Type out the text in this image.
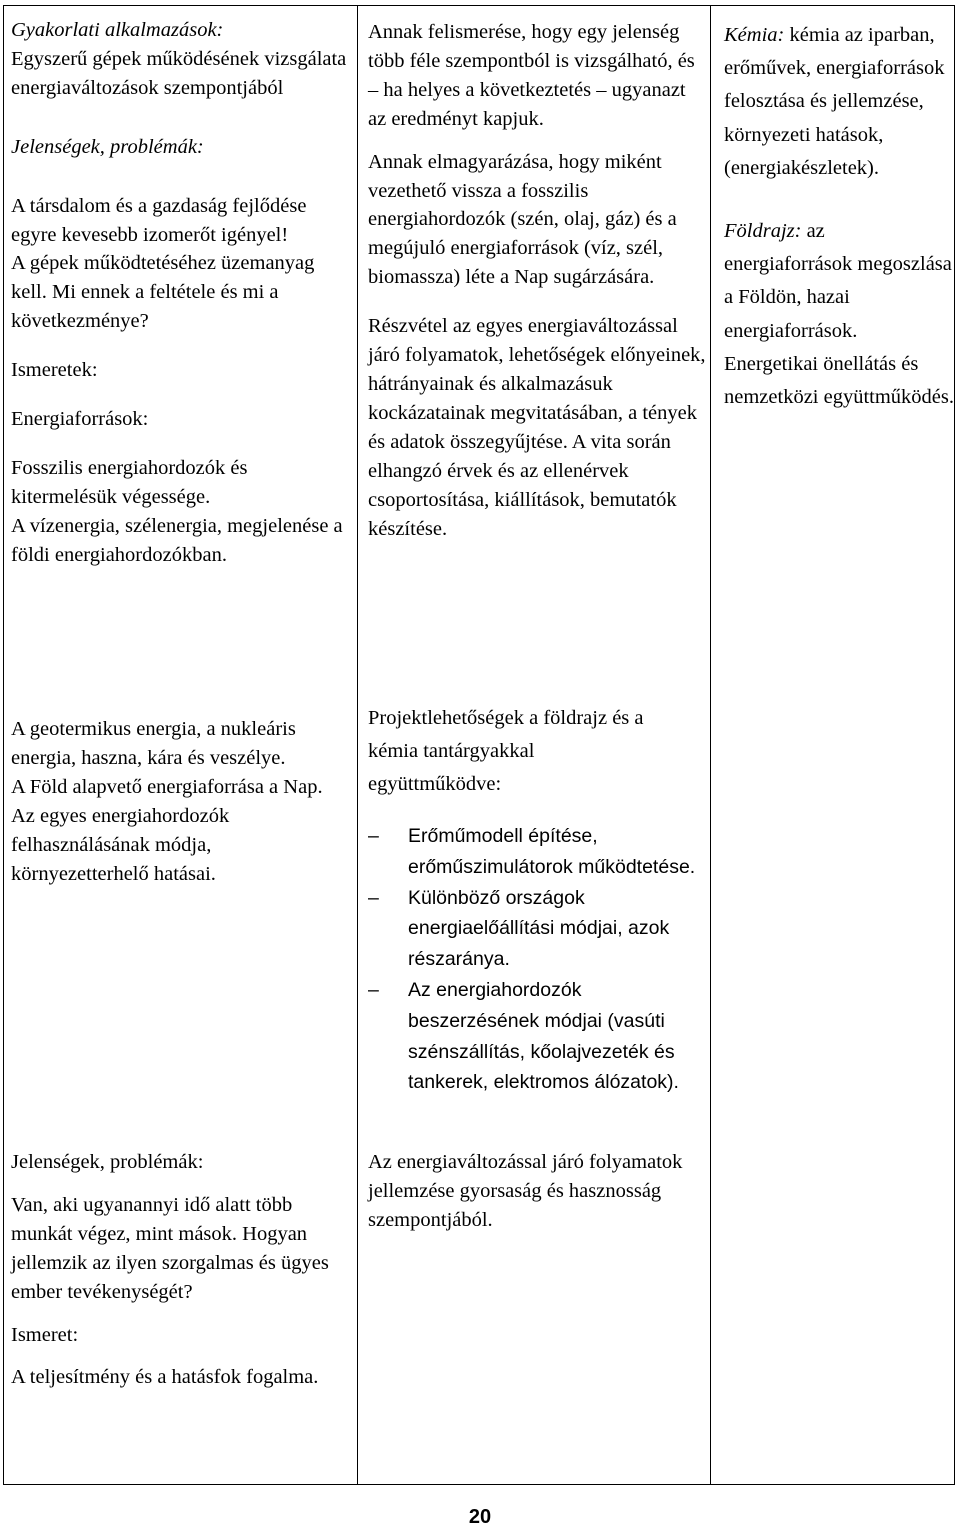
Gyakorlati alkalmazások:

Egyszerű gépek működésének vizsgálata energiaváltozások szempontjából

Jelenségek, problémák:

A társdalom és a gazdaság fejlődése egyre kevesebb izomerőt igényel!

A gépek működtetéséhez üzemanyag kell. Mi ennek a feltétele és mi a következménye?

Ismeretek:

Energiaforrások:

Fosszilis energiahordozók és kitermelésük végessége.

A vízenergia, szélenergia, megjelenése a földi energiahordozókban.

A geotermikus energia, a nukleáris energia, haszna, kára és veszélye.

A Föld alapvető energiaforrása a Nap.

Az egyes energiahordozók felhasználásának módja, környezetterhelő hatásai.

Jelenségek, problémák:

Van, aki ugyanannyi idő alatt több munkát végez, mint mások. Hogyan jellemzik az ilyen szorgalmas és ügyes ember tevékenységét?

Ismeret:

A teljesítmény és a hatásfok fogalma.

Annak felismerése, hogy egy jelenség több féle szempontból is vizsgálható, és – ha helyes a következtetés – ugyanazt az eredményt kapjuk.

Annak elmagyarázása, hogy miként vezethető vissza a fosszilis energiahordozók (szén, olaj, gáz) és a megújuló energiaforrások (víz, szél, biomassza) léte a Nap sugárzására.

Részvétel az egyes energiaváltozással járó folyamatok, lehetőségek előnyeinek, hátrányainak és alkalmazásuk kockázatainak megvitatásában, a tények és adatok összegyűjtése. A vita során elhangzó érvek és az ellenérvek csoportosítása, kiállítások, bemutatók készítése.

Projektlehetőségek a földrajz és a

kémia tantárgyakkal

együttműködve:

– Erőműmodell építése, erőműszimulátorok működtetése.
– Különböző országok energiaelőállítási módjai, azok részaránya.
– Az energiahordozók beszerzésének módjai (vasúti szénszállítás, kőolajvezeték és tankerek, elektromos álózatok).

Az energiaváltozással járó folyamatok jellemzése gyorsaság és hasznosság szempontjából.

Kémia: kémia az iparban, erőművek, energiaforrások felosztása és jellemzése, környezeti hatások, (energiakészletek).

Földrajz: az energiaforrások megoszlása a Földön, hazai energiaforrások.

Energetikai önellátás és nemzetközi együttműködés.

20
